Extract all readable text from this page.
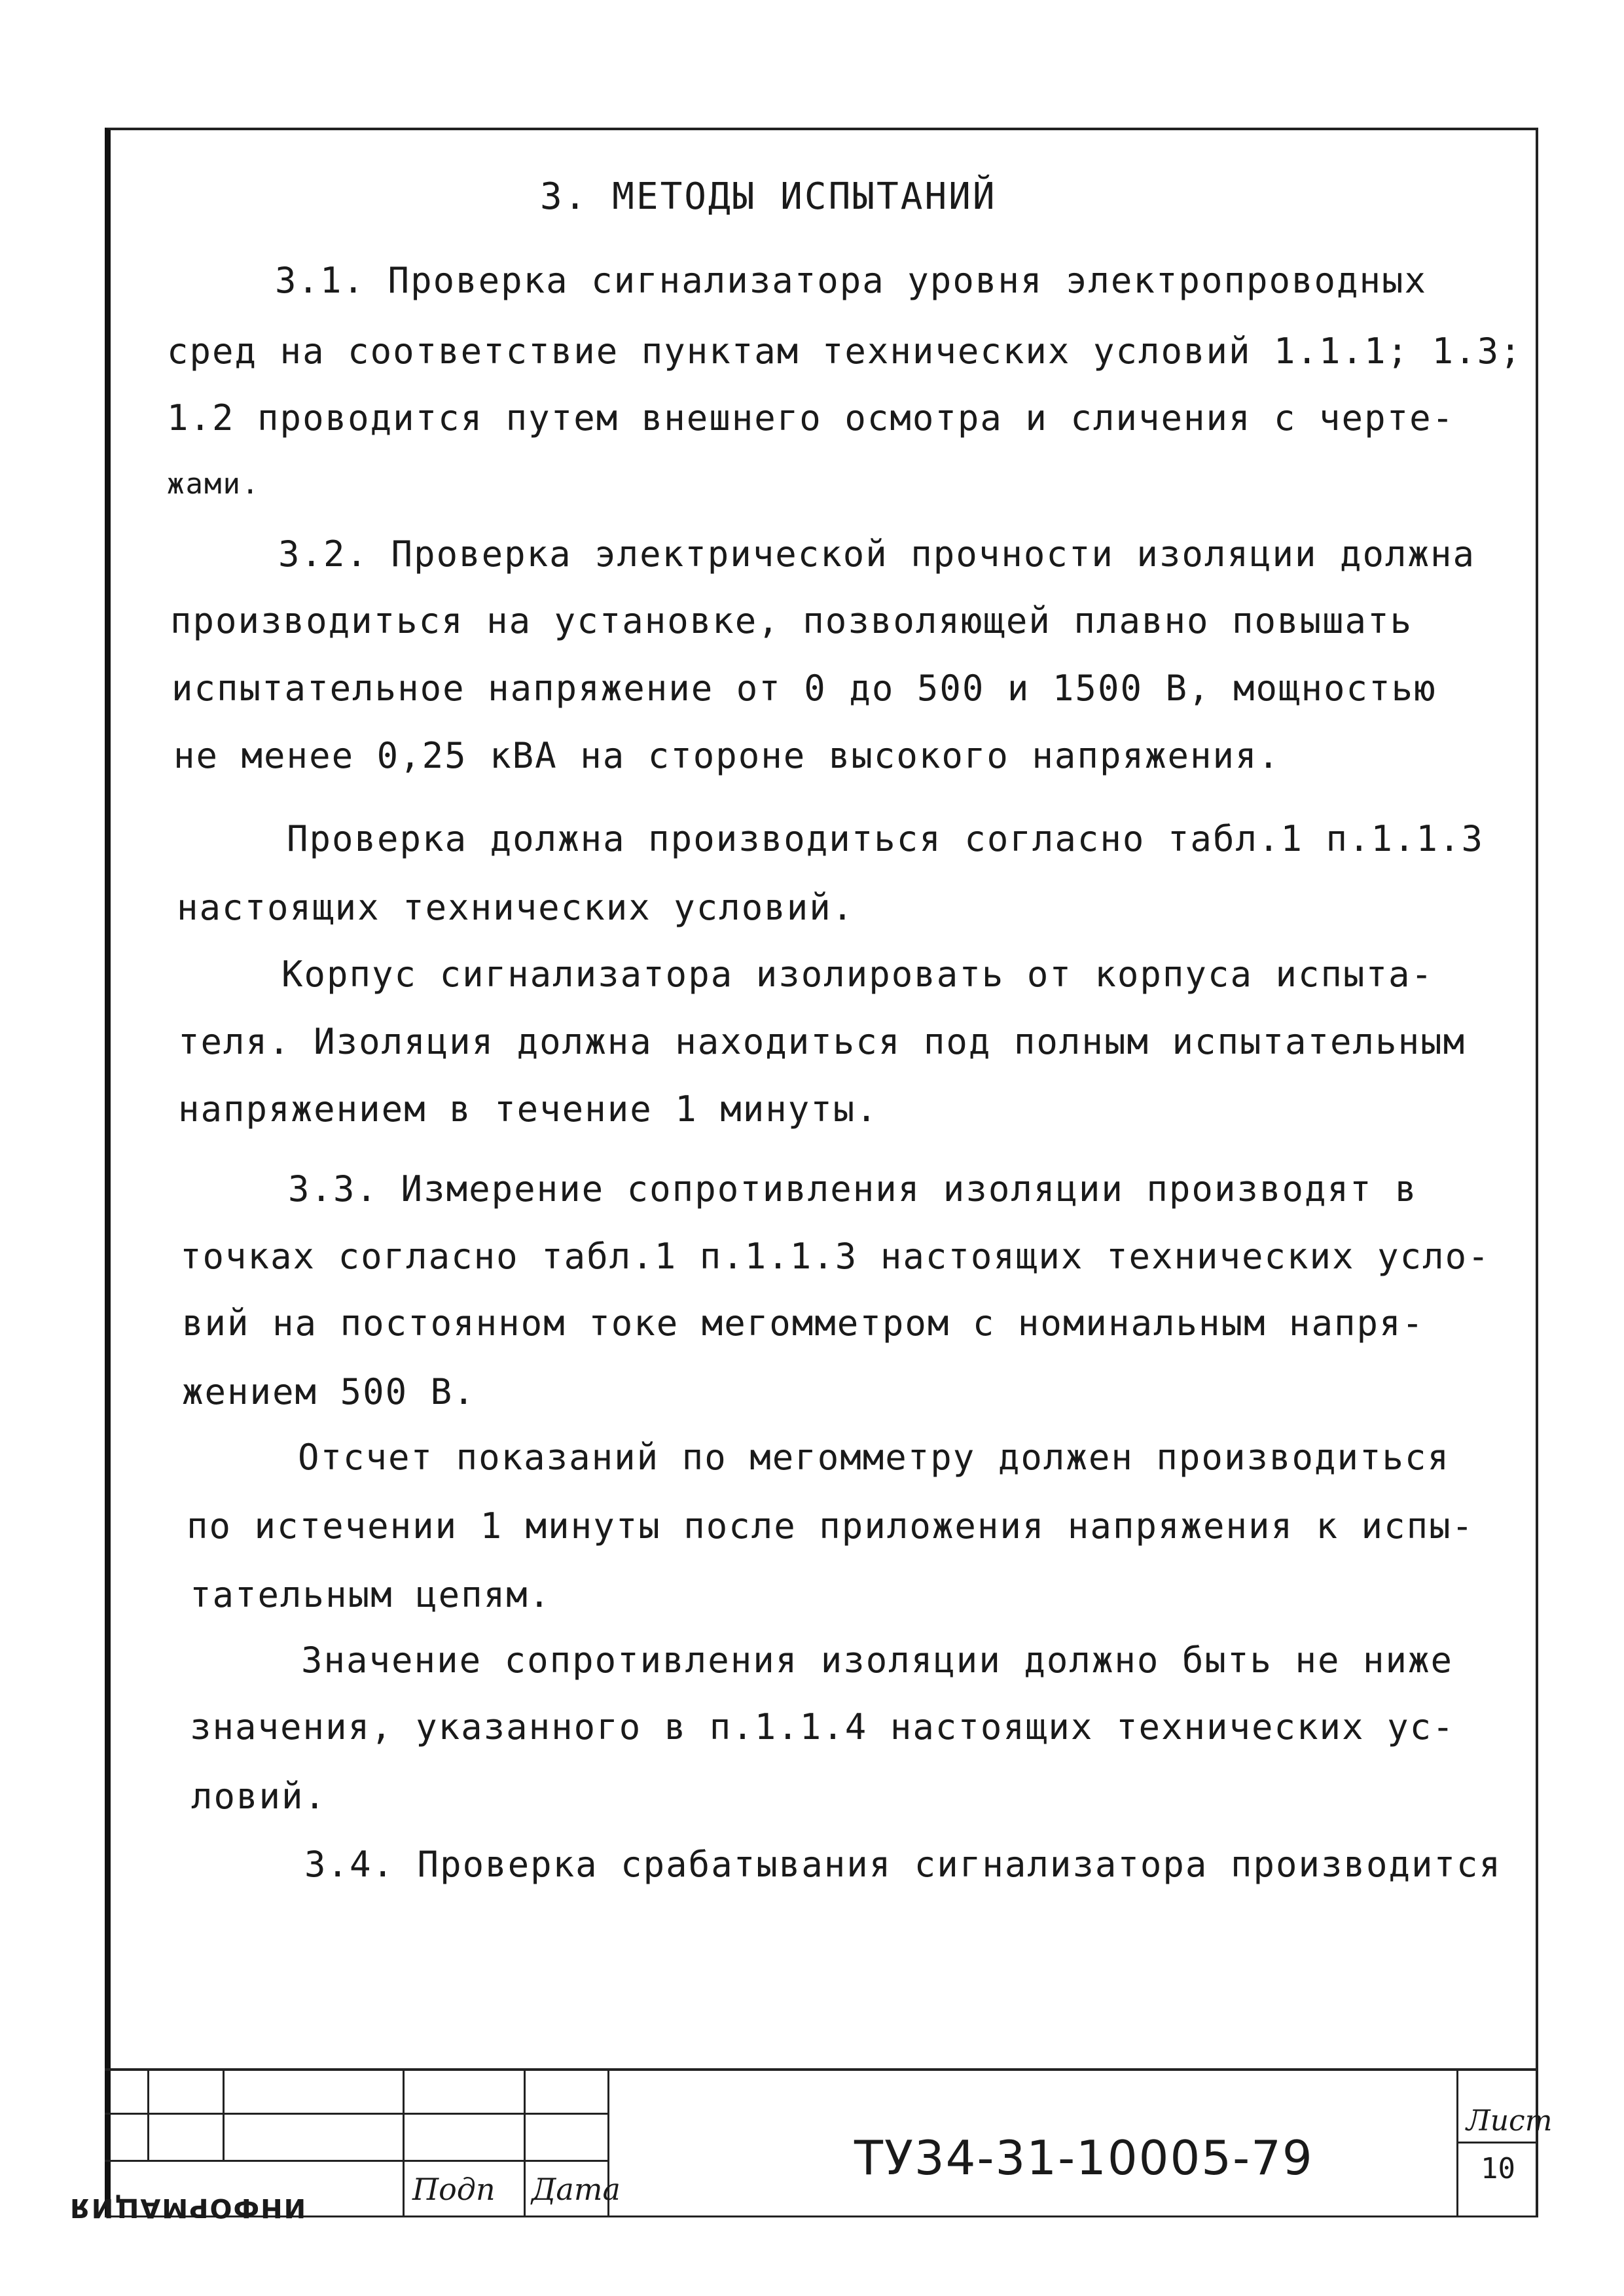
3. МЕТОДЫ ИСПЫТАНИЙ
3.1. Проверка сигнализатора уровня электропроводных
сред на соответствие пунктам технических условий 1.1.1; 1.3;
1.2 проводится путем внешнего осмотра и сличения с черте-
жами.
3.2. Проверка электрической прочности изоляции должна
производиться на установке, позволяющей плавно повышать
испытательное напряжение от 0 до 500 и 1500 В, мощностью
не менее 0,25 кВА на стороне высокого напряжения.
Проверка должна производиться согласно табл.1 п.1.1.3
настоящих технических условий.
Корпус сигнализатора изолировать от корпуса испыта-
теля. Изоляция должна находиться под полным испытательным
напряжением в течение 1 минуты.
3.3. Измерение сопротивления изоляции производят в
точках согласно табл.1 п.1.1.3 настоящих технических усло-
вий на постоянном токе мегомметром с номинальным напря-
жением 500 В.
Отсчет показаний по мегомметру должен производиться
по истечении 1 минуты после приложения напряжения к испы-
тательным цепям.
Значение сопротивления изоляции должно быть не ниже
значения, указанного в п.1.1.4 настоящих технических ус-
ловий.
3.4. Проверка срабатывания сигнализатора производится
ИНФОРМАЦИЯ
Подп Дата
ТУ34-31-10005-79
Лист
10
